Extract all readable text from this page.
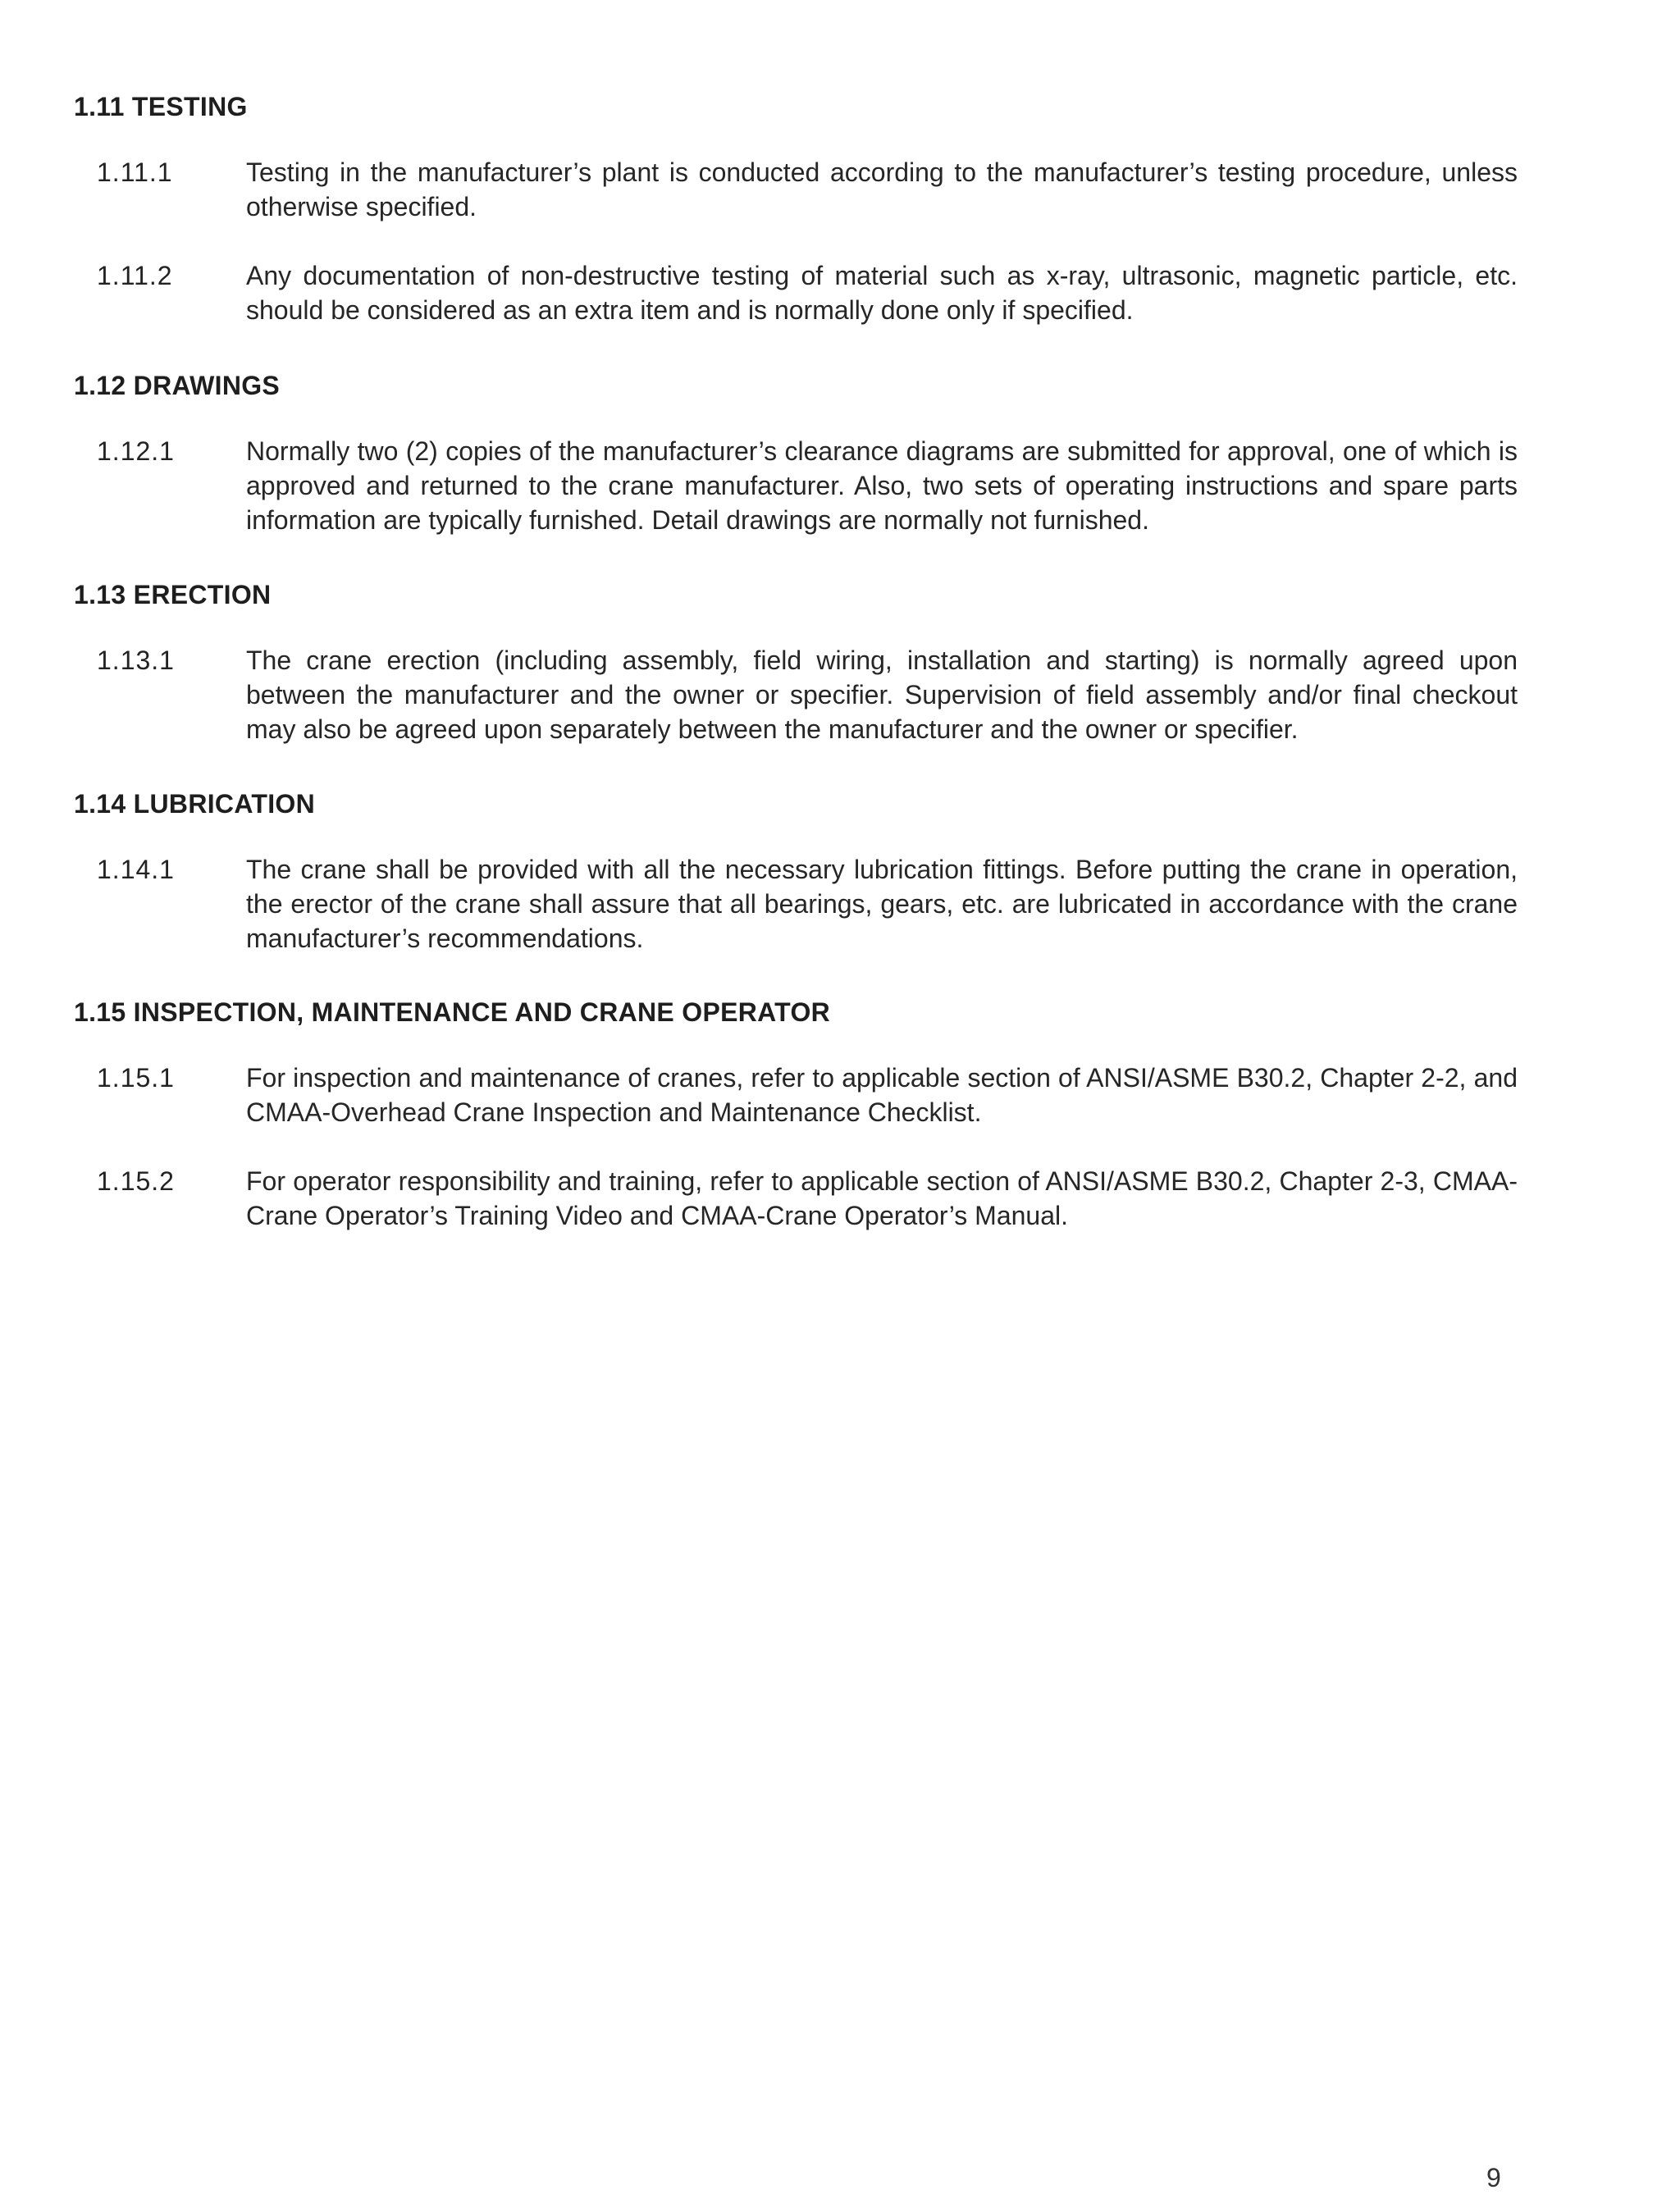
1.11 TESTING
1.11.1	Testing in the manufacturer’s plant is conducted according to the manufacturer’s testing procedure, unless otherwise specified.
1.11.2	Any documentation of non-destructive testing of material such as x-ray, ultrasonic, magnetic particle, etc. should be considered as an extra item and is normally done only if specified.
1.12 DRAWINGS
1.12.1	Normally two (2) copies of the manufacturer’s clearance diagrams are submitted for approval, one of which is approved and returned to the crane manufacturer. Also, two sets of operating instructions and spare parts information are typically furnished. Detail drawings are normally not furnished.
1.13 ERECTION
1.13.1	The crane erection (including assembly, field wiring, installation and starting) is normally agreed upon between the manufacturer and the owner or specifier. Supervision of field assembly and/or final checkout may also be agreed upon separately between the manufacturer and the owner or specifier.
1.14 LUBRICATION
1.14.1	The crane shall be provided with all the necessary lubrication fittings. Before putting the crane in operation, the erector of the crane shall assure that all bearings, gears, etc. are lubricated in accordance with the crane manufacturer’s recommendations.
1.15 INSPECTION, MAINTENANCE AND CRANE OPERATOR
1.15.1	For inspection and maintenance of cranes, refer to applicable section of ANSI/ASME B30.2, Chapter 2-2, and CMAA-Overhead Crane Inspection and Maintenance Checklist.
1.15.2	For operator responsibility and training, refer to applicable section of ANSI/ASME B30.2, Chapter 2-3, CMAA-Crane Operator’s Training Video and CMAA-Crane Operator’s Manual.
9
